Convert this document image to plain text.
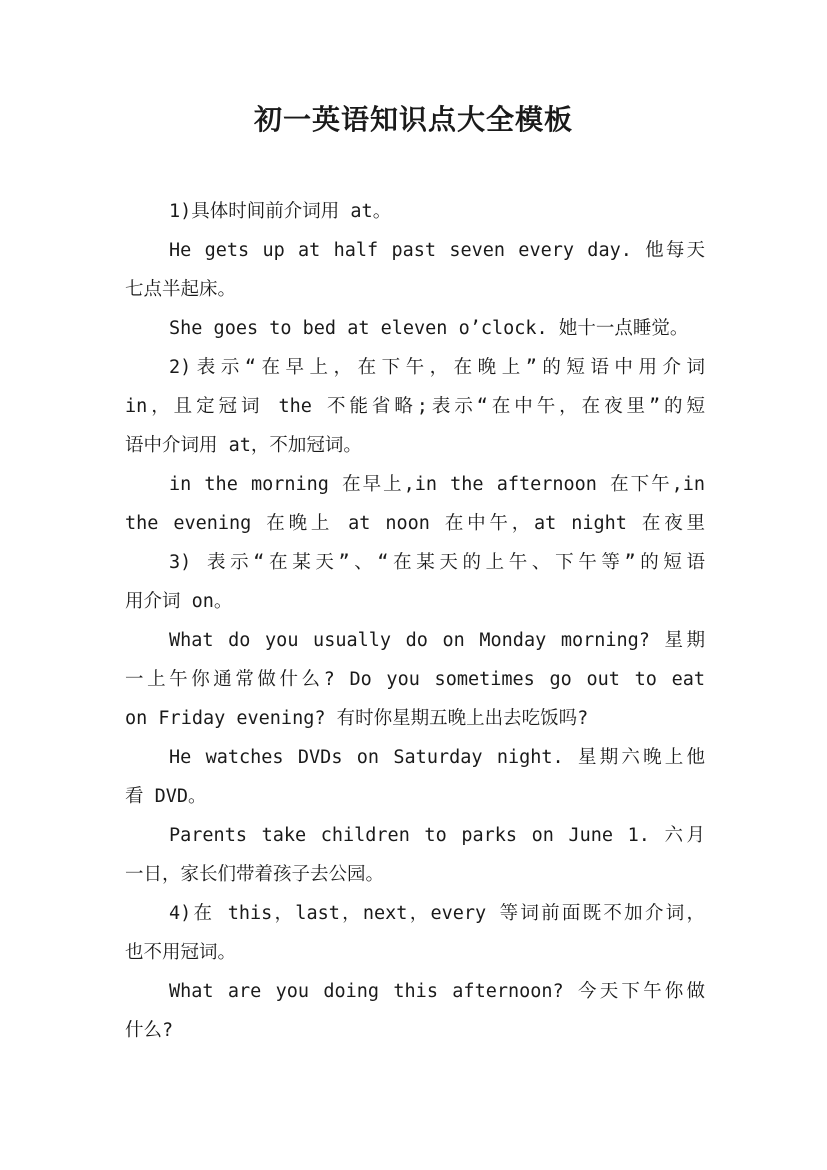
初一英语知识点大全模板
1)具体时间前介词用 at。
He gets up at half past seven every day. 他每天
七点半起床。
She goes to bed at eleven o’clock. 她十一点睡觉。
2)表示“在早上，在下午，在晚上”的短语中用介词
in，且定冠词 the 不能省略;表示“在中午，在夜里”的短
语中介词用 at，不加冠词。
in the morning 在早上,in the afternoon 在下午,in
the evening 在晚上 at noon 在中午，at night 在夜里
3) 表示“在某天”、“在某天的上午、下午等”的短语
用介词 on。
What do you usually do on Monday morning? 星期
一上午你通常做什么? Do you sometimes go out to eat
on Friday evening? 有时你星期五晚上出去吃饭吗?
He watches DVDs on Saturday night. 星期六晚上他
看 DVD。
Parents take children to parks on June 1. 六月
一日，家长们带着孩子去公园。
4)在 this，last，next，every 等词前面既不加介词，
也不用冠词。
What are you doing this afternoon? 今天下午你做
什么?
